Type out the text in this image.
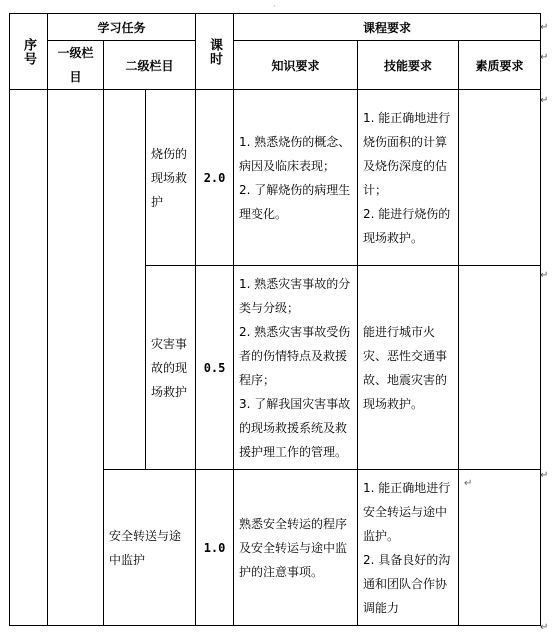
·
序号	学习任务			课时	课程要求		

	一级栏目	二级栏目			知识要求	技能要求	素质要求

			烧伤的现场救护	2.0	1. 熟悉烧伤的概念、病因及临床表现；
2. 了解烧伤的病理生理变化。	1. 能正确地进行烧伤面积的计算及烧伤深度的估计；
2. 能进行烧伤的现场救护。	

			灾害事故的现场救护	0.5	1. 熟悉灾害事故的分类与分级；
2. 熟悉灾害事故受伤者的伤情特点及救援程序；
3. 了解我国灾害事故的现场救援系统及救援护理工作的管理。	能进行城市火灾、恶性交通事故、地震灾害的现场救护。	

		安全转送与途中监护		1.0	熟悉安全转运的程序及安全转运与途中监护的注意事项。	1. 能正确地进行安全转运与途中监护。
2. 具备良好的沟通和团队合作协调能力	↵
↵
↵
↵
↵
↵
↵
